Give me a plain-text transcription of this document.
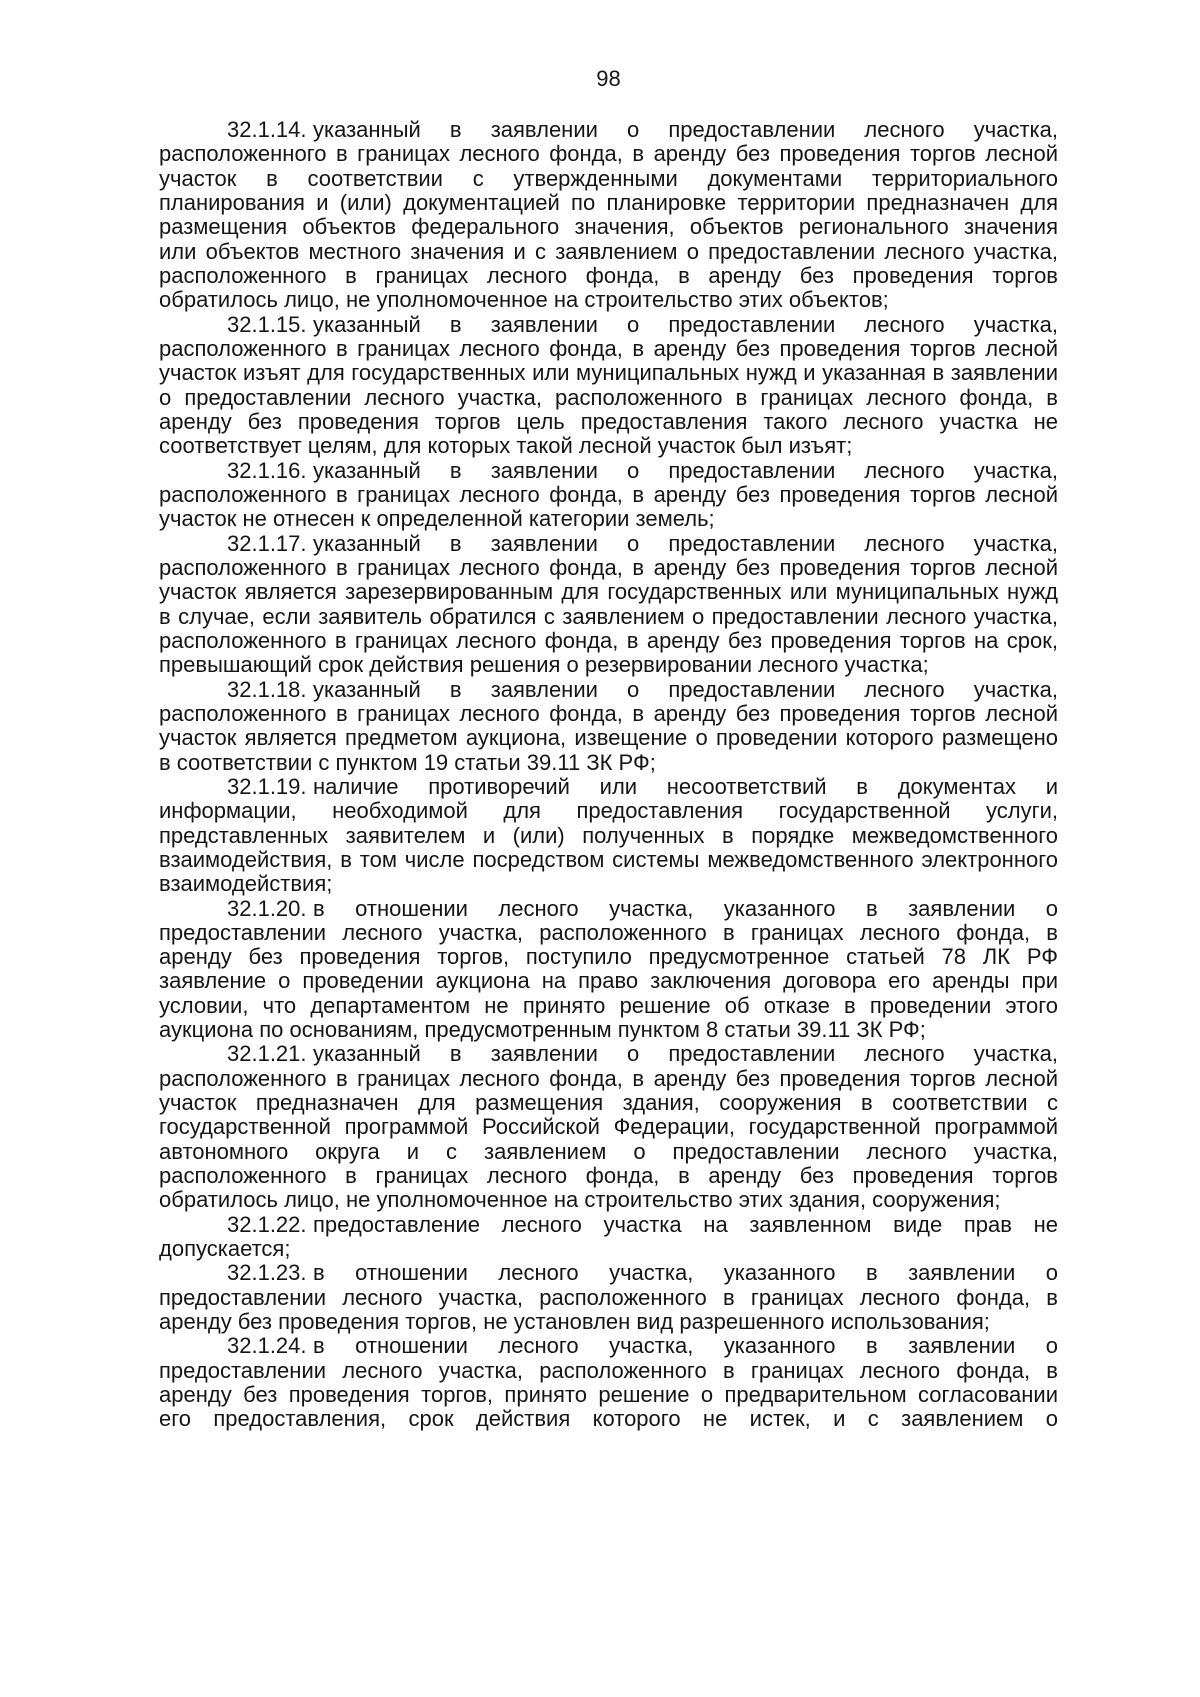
98
32.1.14. указанный в заявлении о предоставлении лесного участка,
расположенного в границах лесного фонда, в аренду без проведения торгов лесной
участок в соответствии с утвержденными документами территориального
планирования и (или) документацией по планировке территории предназначен для
размещения объектов федерального значения, объектов регионального значения
или объектов местного значения и с заявлением о предоставлении лесного участка,
расположенного в границах лесного фонда, в аренду без проведения торгов
обратилось лицо, не уполномоченное на строительство этих объектов;
32.1.15. указанный в заявлении о предоставлении лесного участка,
расположенного в границах лесного фонда, в аренду без проведения торгов лесной
участок изъят для государственных или муниципальных нужд и указанная в заявлении
о предоставлении лесного участка, расположенного в границах лесного фонда, в
аренду без проведения торгов цель предоставления такого лесного участка не
соответствует целям, для которых такой лесной участок был изъят;
32.1.16. указанный в заявлении о предоставлении лесного участка,
расположенного в границах лесного фонда, в аренду без проведения торгов лесной
участок не отнесен к определенной категории земель;
32.1.17. указанный в заявлении о предоставлении лесного участка,
расположенного в границах лесного фонда, в аренду без проведения торгов лесной
участок является зарезервированным для государственных или муниципальных нужд
в случае, если заявитель обратился с заявлением о предоставлении лесного участка,
расположенного в границах лесного фонда, в аренду без проведения торгов на срок,
превышающий срок действия решения о резервировании лесного участка;
32.1.18. указанный в заявлении о предоставлении лесного участка,
расположенного в границах лесного фонда, в аренду без проведения торгов лесной
участок является предметом аукциона, извещение о проведении которого размещено
в соответствии с пунктом 19 статьи 39.11 ЗК РФ;
32.1.19. наличие противоречий или несоответствий в документах и
информации, необходимой для предоставления государственной услуги,
представленных заявителем и (или) полученных в порядке межведомственного
взаимодействия, в том числе посредством системы межведомственного электронного
взаимодействия;
32.1.20. в отношении лесного участка, указанного в заявлении о
предоставлении лесного участка, расположенного в границах лесного фонда, в
аренду без проведения торгов, поступило предусмотренное статьей 78 ЛК РФ
заявление о проведении аукциона на право заключения договора его аренды при
условии, что департаментом не принято решение об отказе в проведении этого
аукциона по основаниям, предусмотренным пунктом 8 статьи 39.11 ЗК РФ;
32.1.21. указанный в заявлении о предоставлении лесного участка,
расположенного в границах лесного фонда, в аренду без проведения торгов лесной
участок предназначен для размещения здания, сооружения в соответствии с
государственной программой Российской Федерации, государственной программой
автономного округа и с заявлением о предоставлении лесного участка,
расположенного в границах лесного фонда, в аренду без проведения торгов
обратилось лицо, не уполномоченное на строительство этих здания, сооружения;
32.1.22. предоставление лесного участка на заявленном виде прав не
допускается;
32.1.23. в отношении лесного участка, указанного в заявлении о
предоставлении лесного участка, расположенного в границах лесного фонда, в
аренду без проведения торгов, не установлен вид разрешенного использования;
32.1.24. в отношении лесного участка, указанного в заявлении о
предоставлении лесного участка, расположенного в границах лесного фонда, в
аренду без проведения торгов, принято решение о предварительном согласовании
его предоставления, срок действия которого не истек, и с заявлением о
